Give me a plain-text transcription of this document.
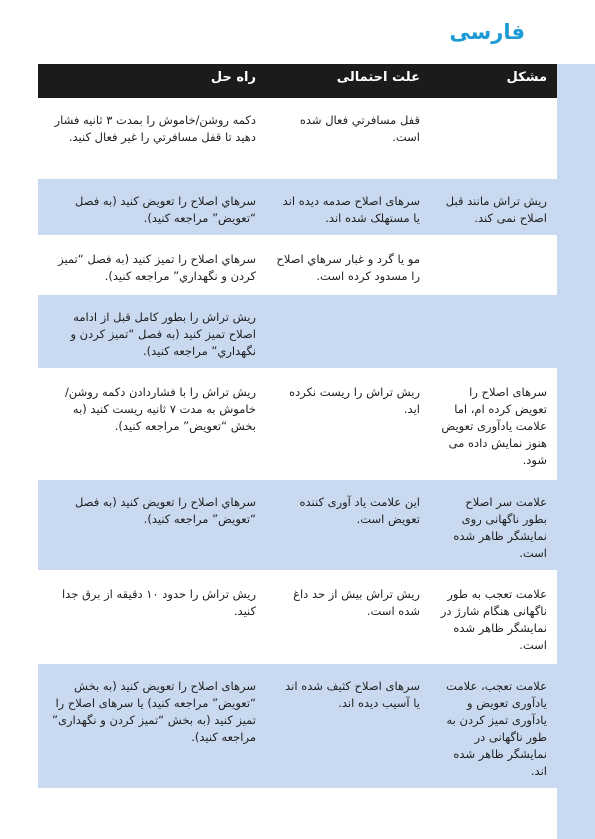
فارسی
مشکل	علت احتمالی	راه حل
	قفل مسافرتي فعال شده است.	دکمه روشن/خاموش را بمدت ۳ ثانيه فشار دهيد تا قفل مسافرتي را غير فعال كنيد.
ریش تراش مانند قبل اصلاح نمی کند.	سرهای اصلاح صدمه دیده اند یا مستهلک شده اند.	سرهاي اصلاح را تعويض كنيد (به فصل “تعويض” مراجعه كنيد).
	مو يا گرد و غبار سرهاي اصلاح را مسدود كرده است.	سرهاي اصلاح را تميز كنيد (به فصل “تميز كردن و نگهداري” مراجعه كنيد).
		ریش تراش را بطور كامل قبل از ادامه اصلاح تميز كنيد (به فصل “تميز كردن و نگهداري” مراجعه كنيد).
سرهای اصلاح را تعویض کرده ام، اما علامت یادآوری تعویض هنوز نمایش داده می شود.	ریش تراش را ریست نکرده اید.	ریش تراش را با فشاردادن دکمه روشن/خاموش به مدت ۷ ثانیه ریست کنید (به بخش “تعویض” مراجعه کنید).
علامت سر اصلاح بطور ناگهانی روی نمایشگر ظاهر شده است.	این علامت یاد آوری کننده تعویض است.	سرهاي اصلاح را تعويض كنيد (به فصل “تعويض” مراجعه كنيد).
علامت تعجب به طور ناگهانی هنگام شارژ در نمایشگر ظاهر شده است.	ریش تراش بیش از حد داغ شده است.	ریش تراش را حدود ۱۰ دقیقه از برق جدا کنید.
علامت تعجب، علامت یادآوری تعویض و یادآوری تمیز کردن به طور ناگهانی در نمایشگر ظاهر شده اند.	سرهای اصلاح کثیف شده اند یا آسیب دیده اند.	سرهای اصلاح را تعویض کنید (به بخش “تعویض” مراجعه کنید) یا سرهای اصلاح را تمیز کنید (به بخش “تمیز کردن و نگهداری” مراجعه کنید).
